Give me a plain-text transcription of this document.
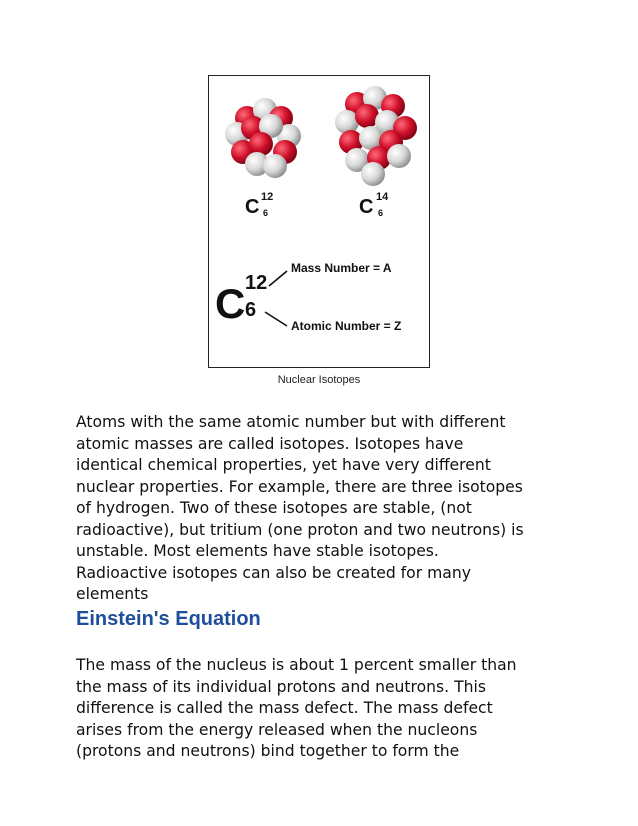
C 12
6	C 14
6
C 12
6
Mass Number = A
Atomic Number = Z
Nuclear Isotopes
Atoms with the same atomic number but with different
atomic masses are called isotopes. Isotopes have
identical chemical properties, yet have very different
nuclear properties. For example, there are three isotopes
of hydrogen. Two of these isotopes are stable, (not
radioactive), but tritium (one proton and two neutrons) is
unstable. Most elements have stable isotopes.
Radioactive isotopes can also be created for many
elements
Einstein's Equation
The mass of the nucleus is about 1 percent smaller than
the mass of its individual protons and neutrons. This
difference is called the mass defect. The mass defect
arises from the energy released when the nucleons
(protons and neutrons) bind together to form the
